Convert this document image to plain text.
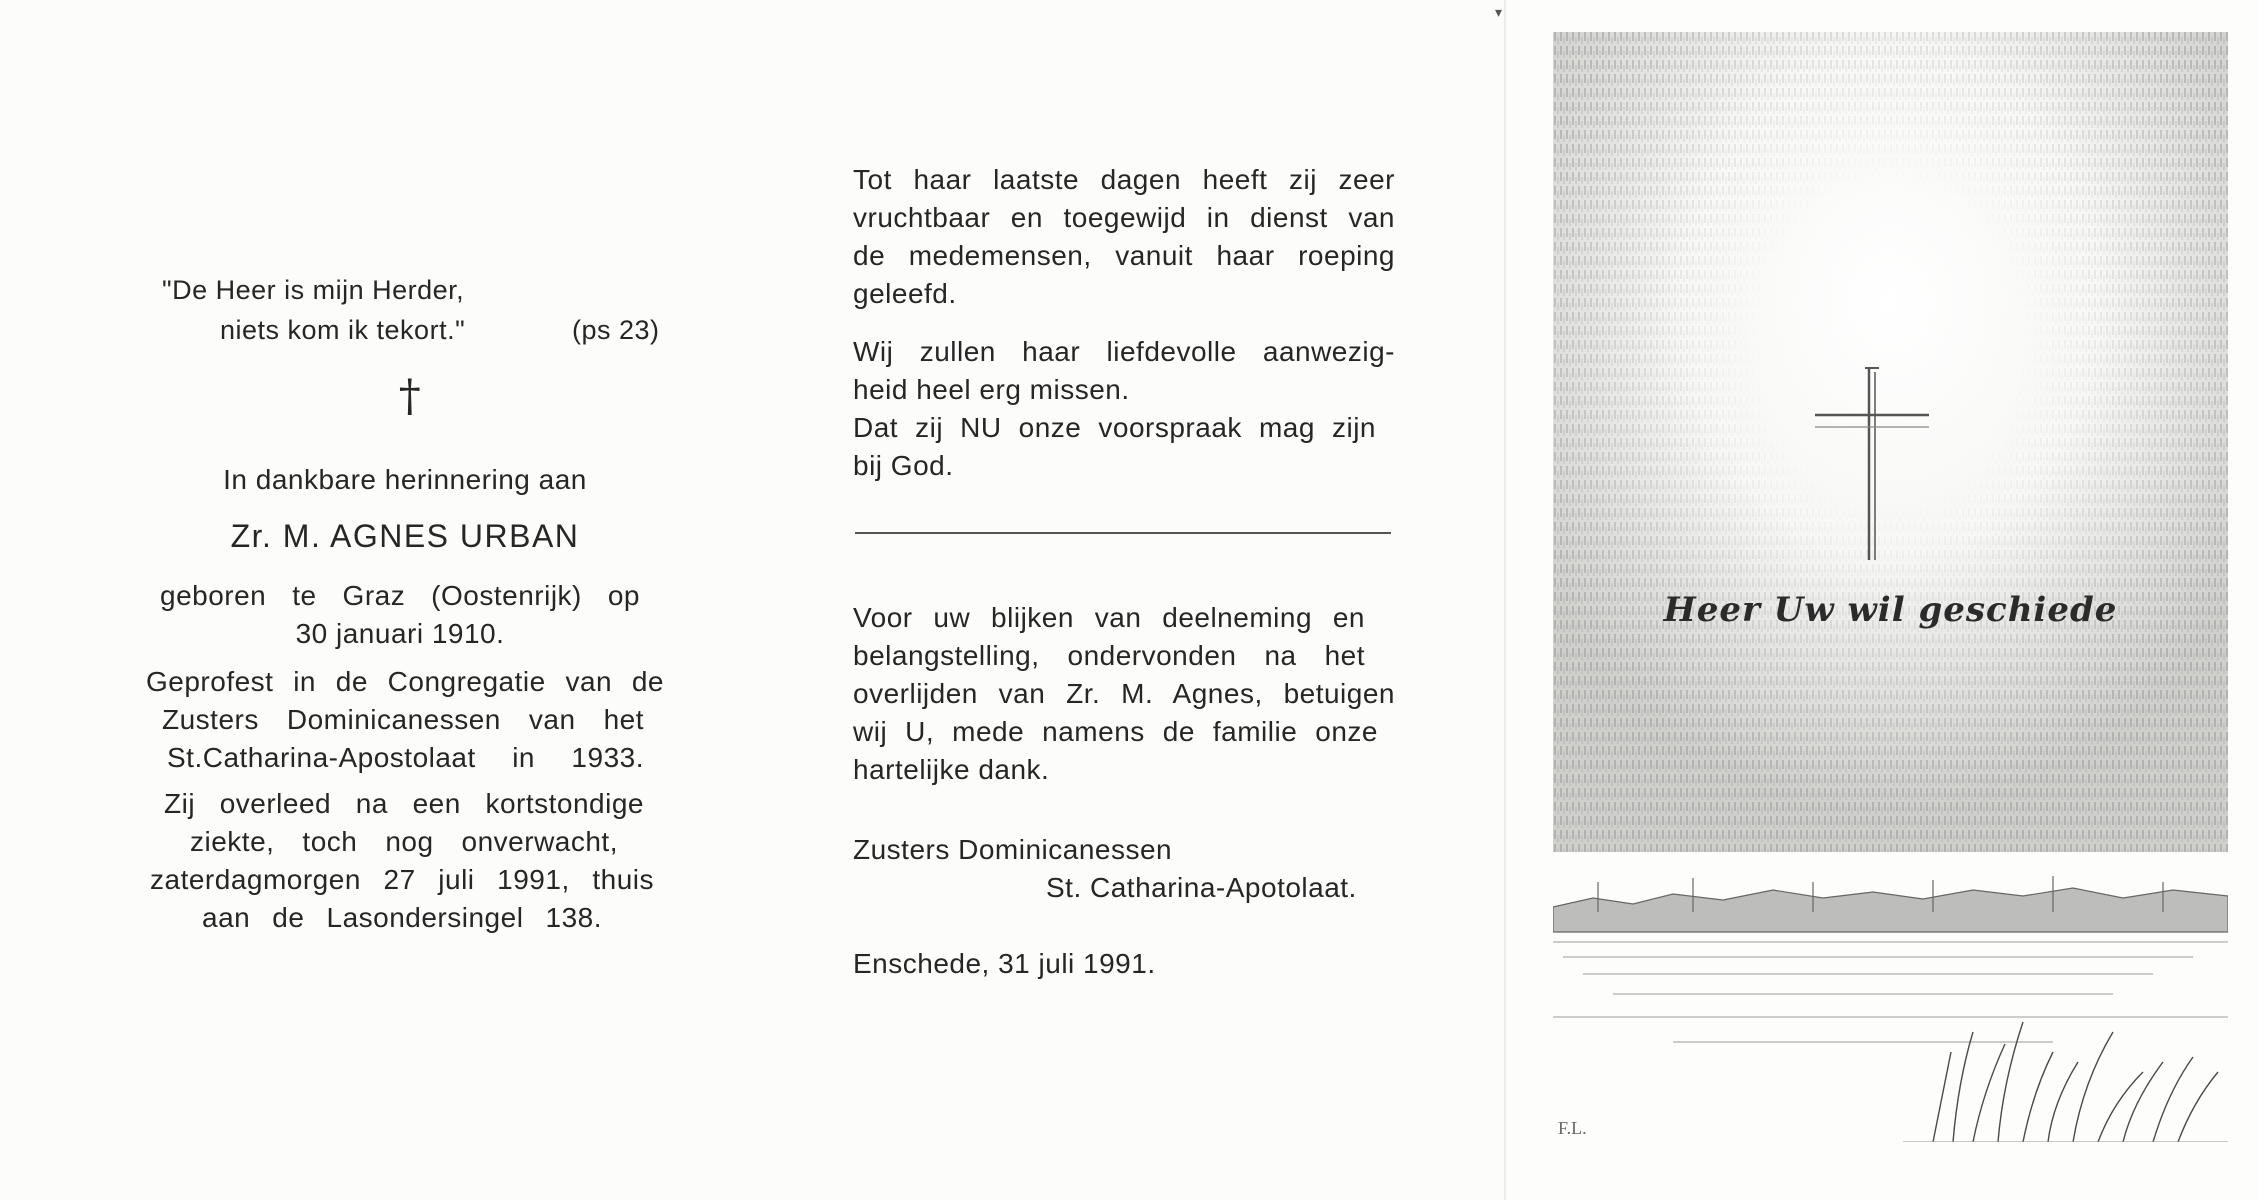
▾
"De Heer is mijn Herder,
niets kom ik tekort."	(ps 23)
†
In dankbare herinnering aan
Zr. M. AGNES URBAN
geboren te Graz (Oostenrijk) op
30 januari 1910.
Geprofest in de Congregatie van de
Zusters Dominicanessen van het
St.Catharina-Apostolaat in 1933.
Zij overleed na een kortstondige
ziekte, toch nog onverwacht,
zaterdagmorgen 27 juli 1991, thuis
aan de Lasondersingel 138.
Tot haar laatste dagen heeft zij zeer
vruchtbaar en toegewijd in dienst van
de medemensen, vanuit haar roeping
geleefd.
Wij zullen haar liefdevolle aanwezig-
heid heel erg missen.
Dat zij NU onze voorspraak mag zijn
bij God.
Voor uw blijken van deelneming en
belangstelling, ondervonden na het
overlijden van Zr. M. Agnes, betuigen
wij U, mede namens de familie onze
hartelijke dank.
Zusters Dominicanessen
St. Catharina-Apotolaat.
Enschede, 31 juli 1991.
Heer Uw wil geschiede
F.L.
